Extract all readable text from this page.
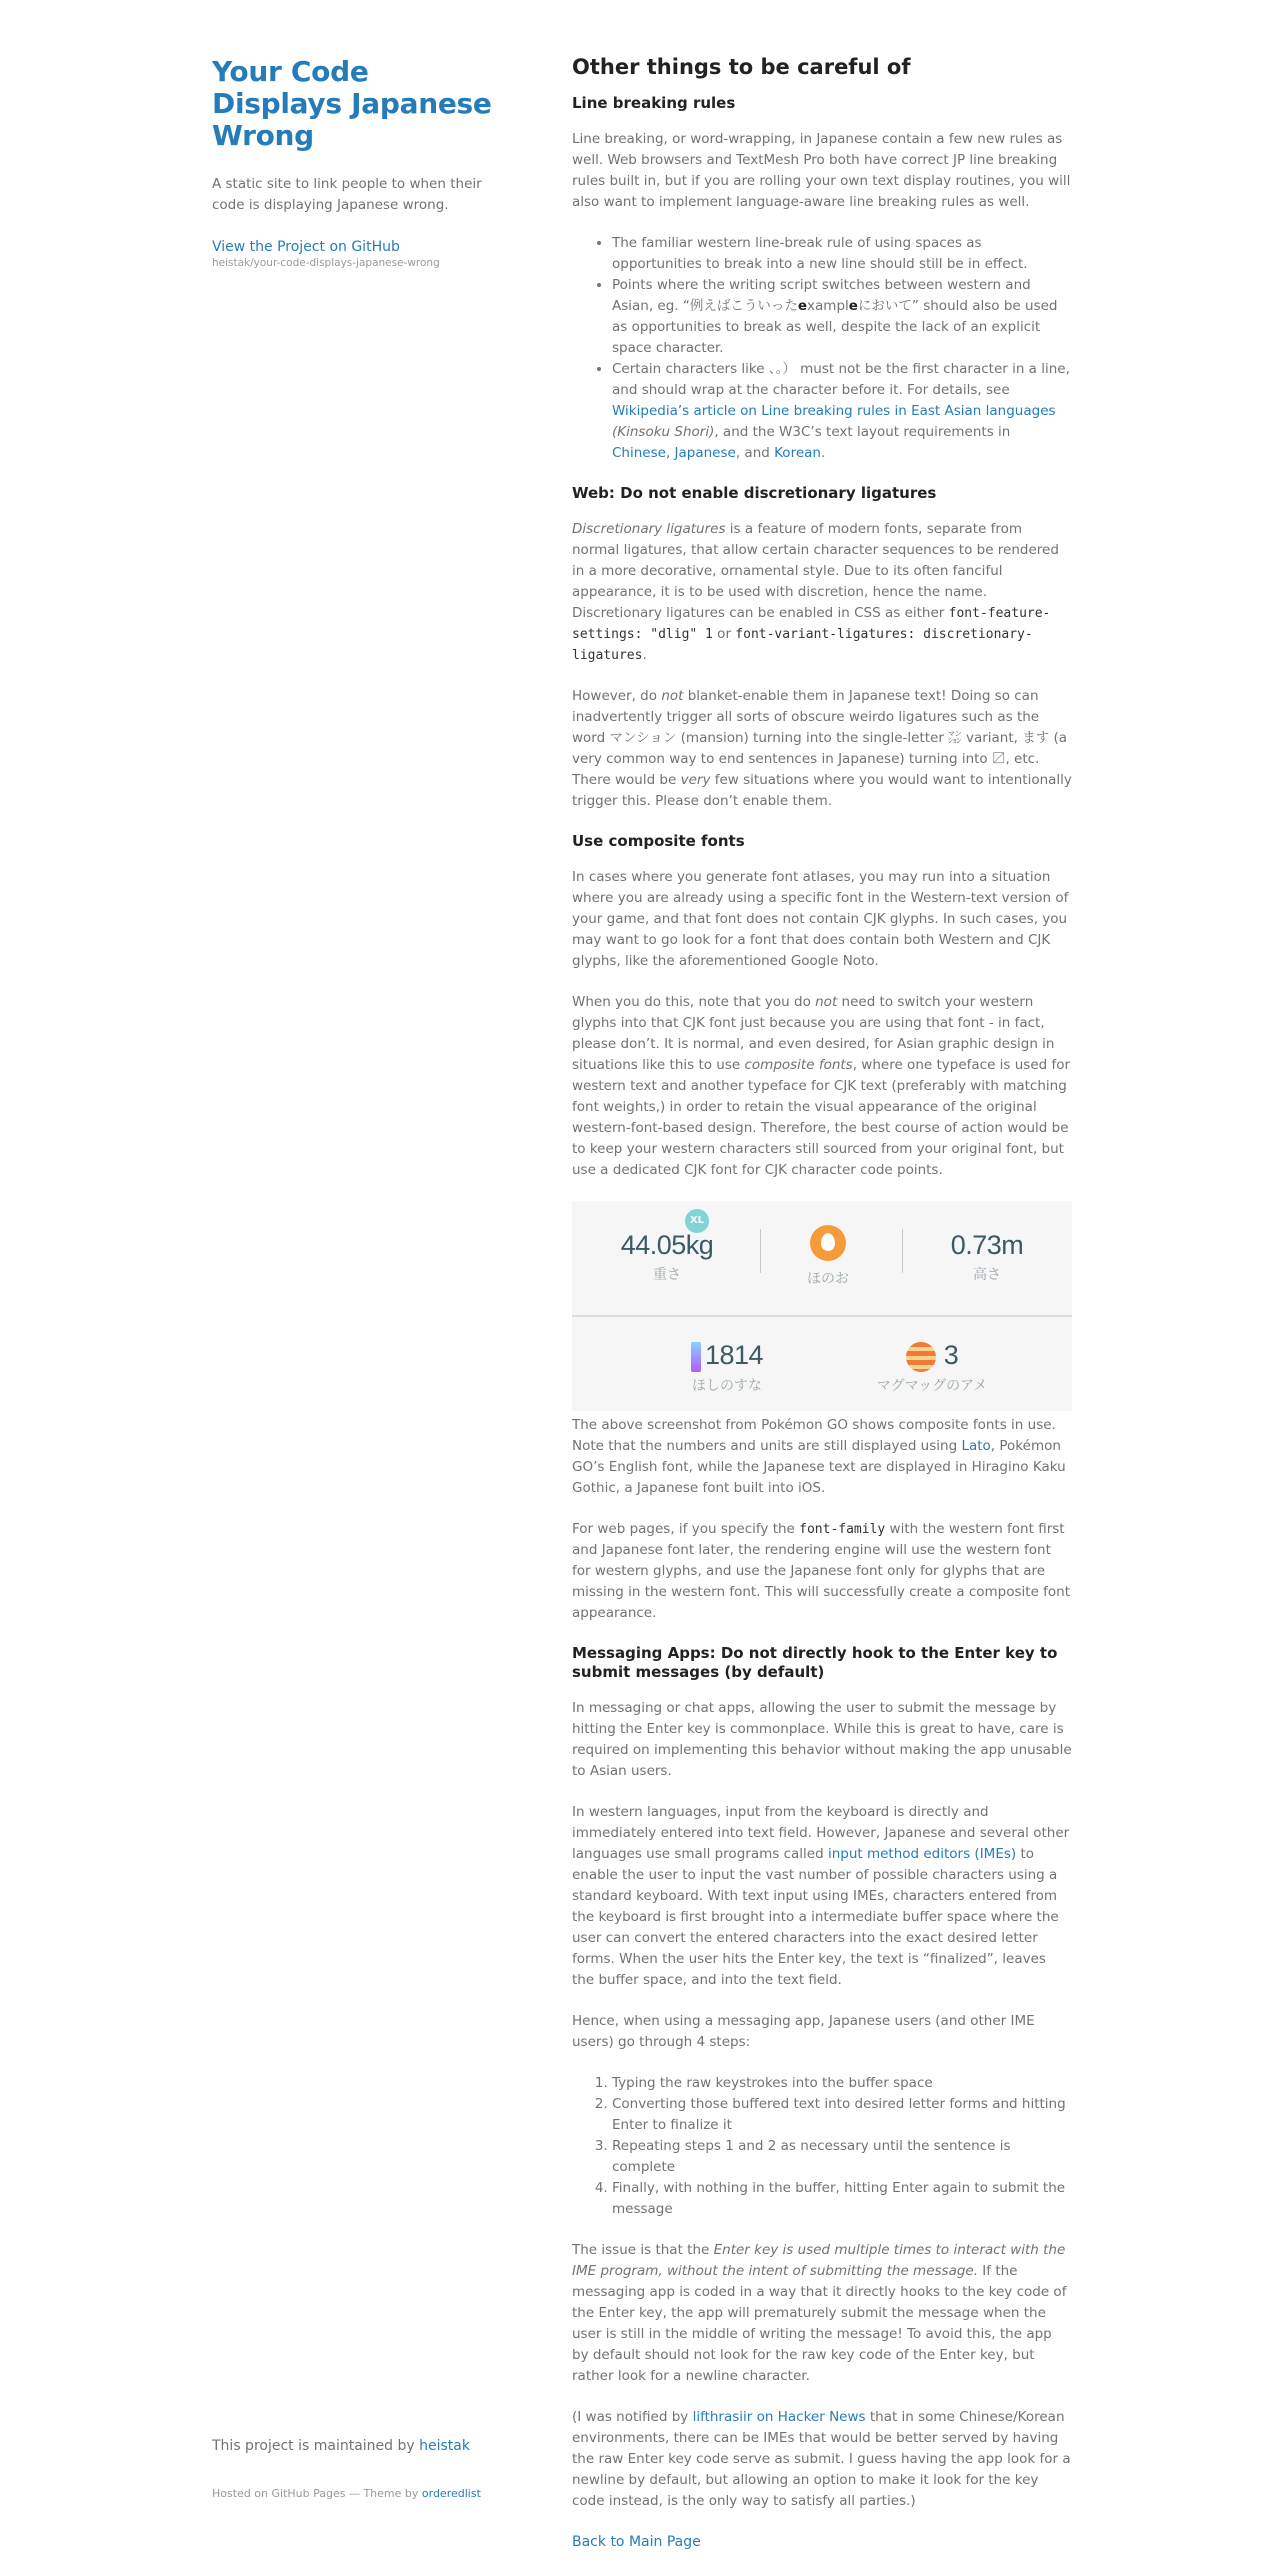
Your Code Displays Japanese Wrong
A static site to link people to when their code is displaying Japanese wrong.
View the Project on GitHub
heistak/your-code-displays-japanese-wrong
This project is maintained by heistak
Hosted on GitHub Pages — Theme by orderedlist
Other things to be careful of
Line breaking rules

Line breaking, or word-wrapping, in Japanese contain a few new rules as well. Web browsers and TextMesh Pro both have correct JP line breaking rules built in, but if you are rolling your own text display routines, you will also want to implement language-aware line breaking rules as well.

• The familiar western line-break rule of using spaces as opportunities to break into a new line should still be in effect.
• Points where the writing script switches between western and Asian, eg. “例えばこういったexampleにおいて” should also be used as opportunities to break as well, despite the lack of an explicit space character.
• Certain characters like 、。） must not be the first character in a line, and should wrap at the character before it. For details, see Wikipedia’s article on Line breaking rules in East Asian languages (Kinsoku Shori), and the W3C’s text layout requirements in Chinese, Japanese, and Korean.
Web: Do not enable discretionary ligatures

Discretionary ligatures is a feature of modern fonts, separate from normal ligatures, that allow certain character sequences to be rendered in a more decorative, ornamental style. Due to its often fanciful appearance, it is to be used with discretion, hence the name. Discretionary ligatures can be enabled in CSS as either font-feature-settings: "dlig" 1 or font-variant-ligatures: discretionary-ligatures.

However, do not blanket-enable them in Japanese text! Doing so can inadvertently trigger all sorts of obscure weirdo ligatures such as the word マンション (mansion) turning into the single-letter ㍇ variant, ます (a very common way to end sentences in Japanese) turning into 〼, etc. There would be very few situations where you would want to intentionally trigger this. Please don’t enable them.

Use composite fonts

In cases where you generate font atlases, you may run into a situation where you are already using a specific font in the Western-text version of your game, and that font does not contain CJK glyphs. In such cases, you may want to go look for a font that does contain both Western and CJK glyphs, like the aforementioned Google Noto.

When you do this, note that you do not need to switch your western glyphs into that CJK font just because you are using that font - in fact, please don’t. It is normal, and even desired, for Asian graphic design in situations like this to use composite fonts, where one typeface is used for western text and another typeface for CJK text (preferably with matching font weights,) in order to retain the visual appearance of the original western-font-based design. Therefore, the best course of action would be to keep your western characters still sourced from your original font, but use a dedicated CJK font for CJK character code points.

XL
44.05kg
重さ	ほのお
0.73m
高さ
1814
ほしのすな
3
マグマッグのアメ

The above screenshot from Pokémon GO shows composite fonts in use. Note that the numbers and units are still displayed using Lato, Pokémon GO’s English font, while the Japanese text are displayed in Hiragino Kaku Gothic, a Japanese font built into iOS.

For web pages, if you specify the font-family with the western font first and Japanese font later, the rendering engine will use the western font for western glyphs, and use the Japanese font only for glyphs that are missing in the western font. This will successfully create a composite font appearance.

Messaging Apps: Do not directly hook to the Enter key to submit messages (by default)

In messaging or chat apps, allowing the user to submit the message by hitting the Enter key is commonplace. While this is great to have, care is required on implementing this behavior without making the app unusable to Asian users.

In western languages, input from the keyboard is directly and immediately entered into text field. However, Japanese and several other languages use small programs called input method editors (IMEs) to enable the user to input the vast number of possible characters using a standard keyboard. With text input using IMEs, characters entered from the keyboard is first brought into a intermediate buffer space where the user can convert the entered characters into the exact desired letter forms. When the user hits the Enter key, the text is “finalized”, leaves the buffer space, and into the text field.

Hence, when using a messaging app, Japanese users (and other IME users) go through 4 steps:

1. Typing the raw keystrokes into the buffer space
2. Converting those buffered text into desired letter forms and hitting Enter to finalize it
3. Repeating steps 1 and 2 as necessary until the sentence is complete
4. Finally, with nothing in the buffer, hitting Enter again to submit the message

The issue is that the Enter key is used multiple times to interact with the IME program, without the intent of submitting the message. If the messaging app is coded in a way that it directly hooks to the key code of the Enter key, the app will prematurely submit the message when the user is still in the middle of writing the message! To avoid this, the app by default should not look for the raw key code of the Enter key, but rather look for a newline character.

(I was notified by lifthrasiir on Hacker News that in some Chinese/Korean environments, there can be IMEs that would be better served by having the raw Enter key code serve as submit. I guess having the app look for a newline by default, but allowing an option to make it look for the key code instead, is the only way to satisfy all parties.)

Back to Main Page
